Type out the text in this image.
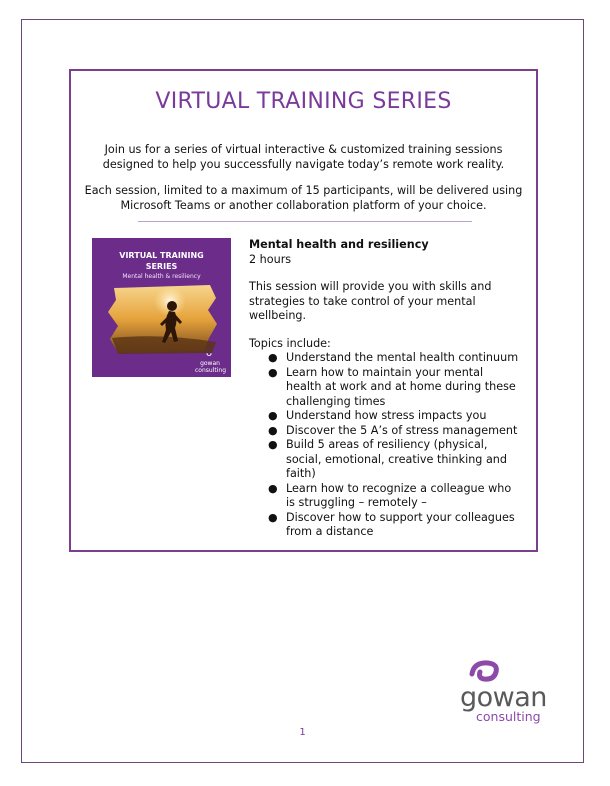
VIRTUAL TRAINING SERIES

Join us for a series of virtual interactive & customized training sessions designed to help you successfully navigate today’s remote work reality.

Each session, limited to a maximum of 15 participants, will be delivered using Microsoft Teams or another collaboration platform of your choice.

VIRTUAL TRAINING
SERIES
Mental health & resiliency
ᴗ
gowan consulting

Mental health and resiliency

2 hours

This session will provide you with skills and strategies to take control of your mental wellbeing.

Topics include:

● Understand the mental health continuum
● Learn how to maintain your mental health at work and at home during these challenging times
● Understand how stress impacts you
● Discover the 5 A’s of stress management
● Build 5 areas of resiliency (physical, social, emotional, creative thinking and faith)
● Learn how to recognize a colleague who is struggling – remotely –
● Discover how to support your colleagues from a distance
gowan
consulting
1
